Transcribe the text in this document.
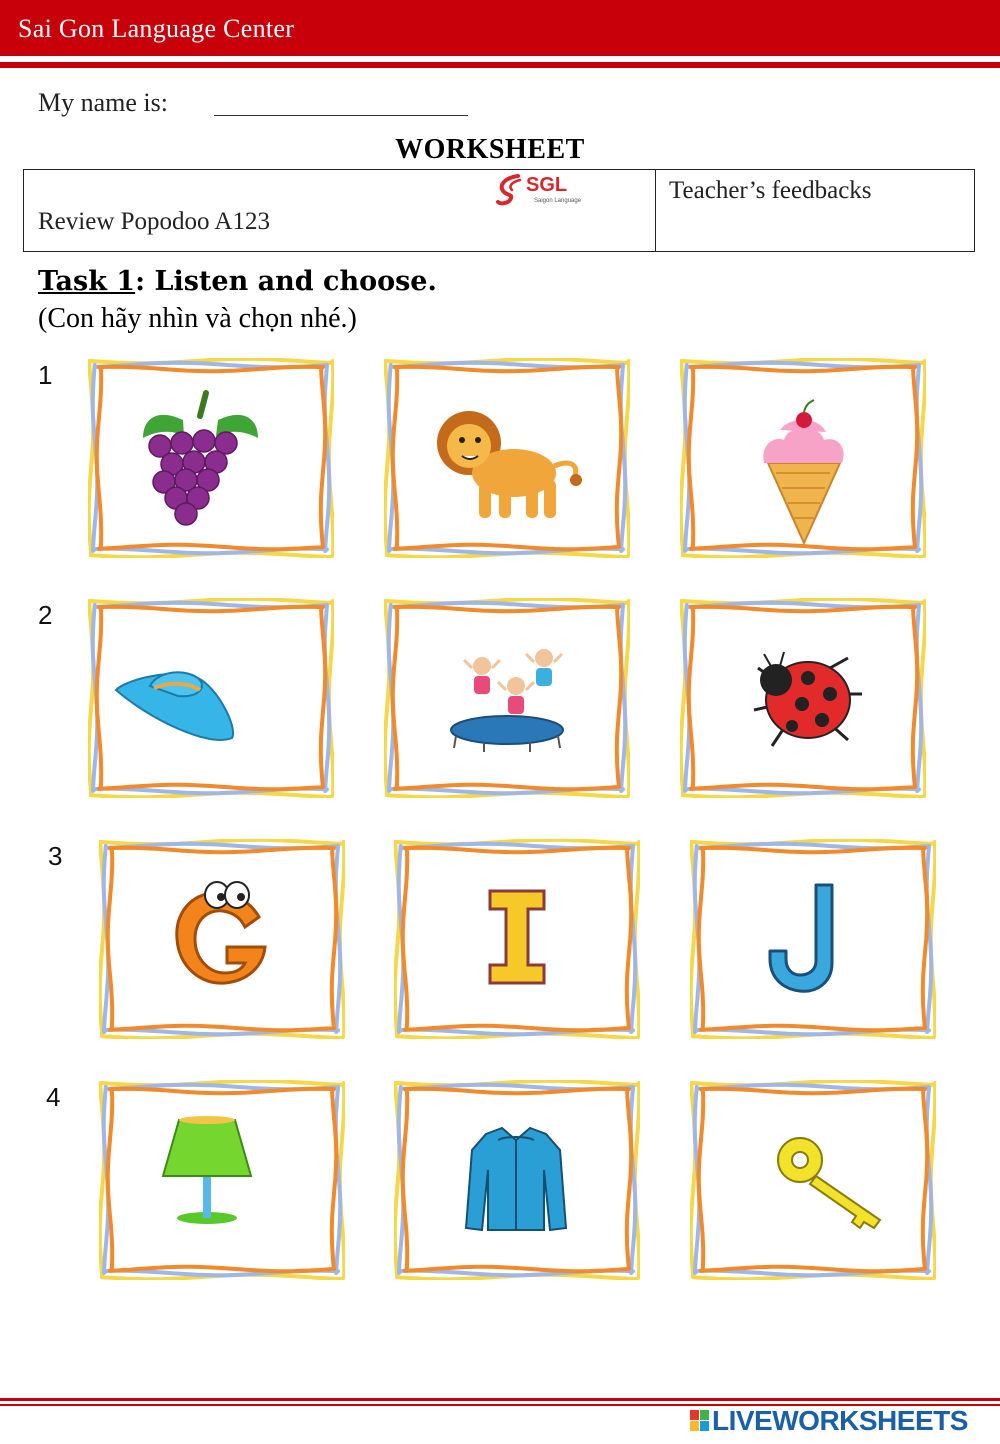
Sai Gon Language Center
My name is:
WORKSHEET
SGL
Saigon Language
Review Popodoo A123
Teacher’s feedbacks
Task 1: Listen and choose.
(Con hãy nhìn và chọn nhé.)
1
2
3
4
LIVEWORKSHEETS
